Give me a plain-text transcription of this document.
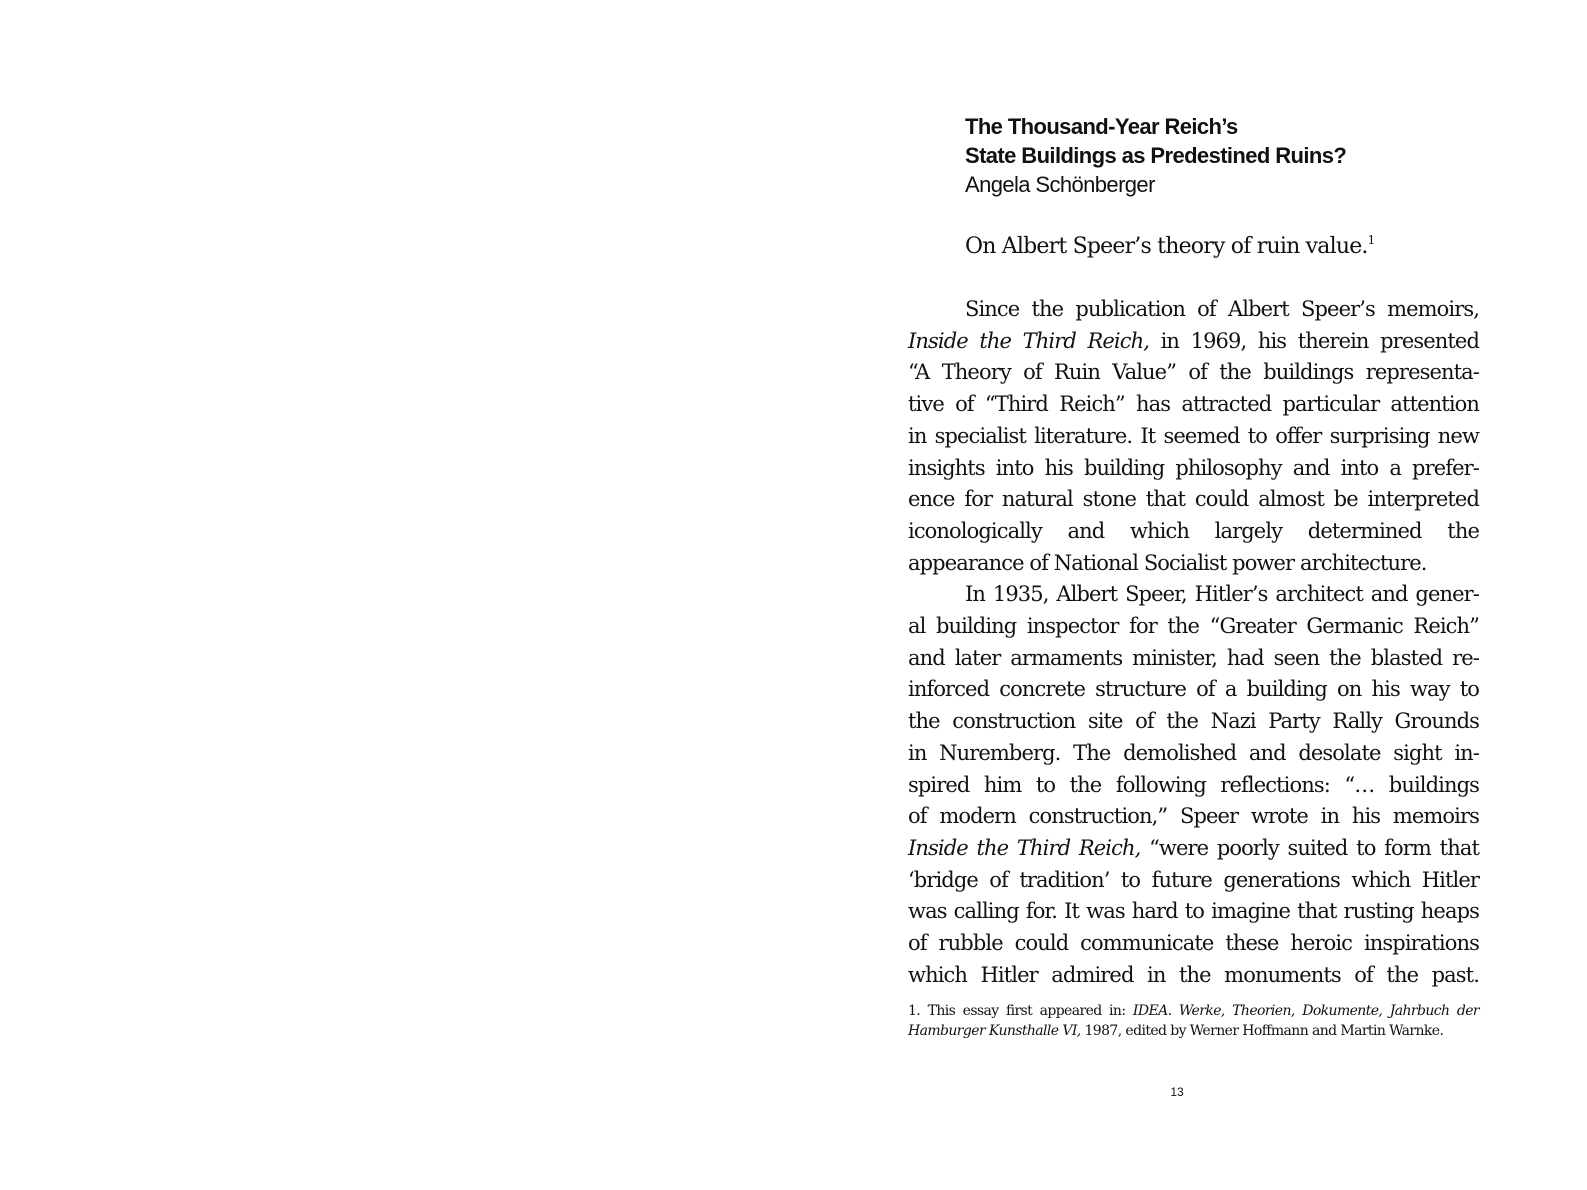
The Thousand-Year Reich’s
State Buildings as Predestined Ruins?
Angela Schönberger
On Albert Speer’s theory of ruin value.$^1$
Since the publication of Albert Speer’s memoirs,
Inside the Third Reich, in 1969, his therein presented
“A Theory of Ruin Value” of the buildings representa-
tive of “Third Reich” has attracted particular attention
in specialist literature. It seemed to offer surprising new
insights into his building philosophy and into a prefer-
ence for natural stone that could almost be interpreted
iconologically and which largely determined the
appearance of National Socialist power architecture.
In 1935, Albert Speer, Hitler’s architect and gener-
al building inspector for the “Greater Germanic Reich”
and later armaments minister, had seen the blasted re-
inforced concrete structure of a building on his way to
the construction site of the Nazi Party Rally Grounds
in Nuremberg. The demolished and desolate sight in-
spired him to the following reflections: “… buildings
of modern construction,” Speer wrote in his memoirs
Inside the Third Reich, “were poorly suited to form that
‘bridge of tradition’ to future generations which Hitler
was calling for. It was hard to imagine that rusting heaps
of rubble could communicate these heroic inspirations
which Hitler admired in the monuments of the past.
1. This essay first appeared in: IDEA. Werke, Theorien, Dokumente, Jahrbuch der
Hamburger Kunsthalle VI, 1987, edited by Werner Hoffmann and Martin Warnke.
13
